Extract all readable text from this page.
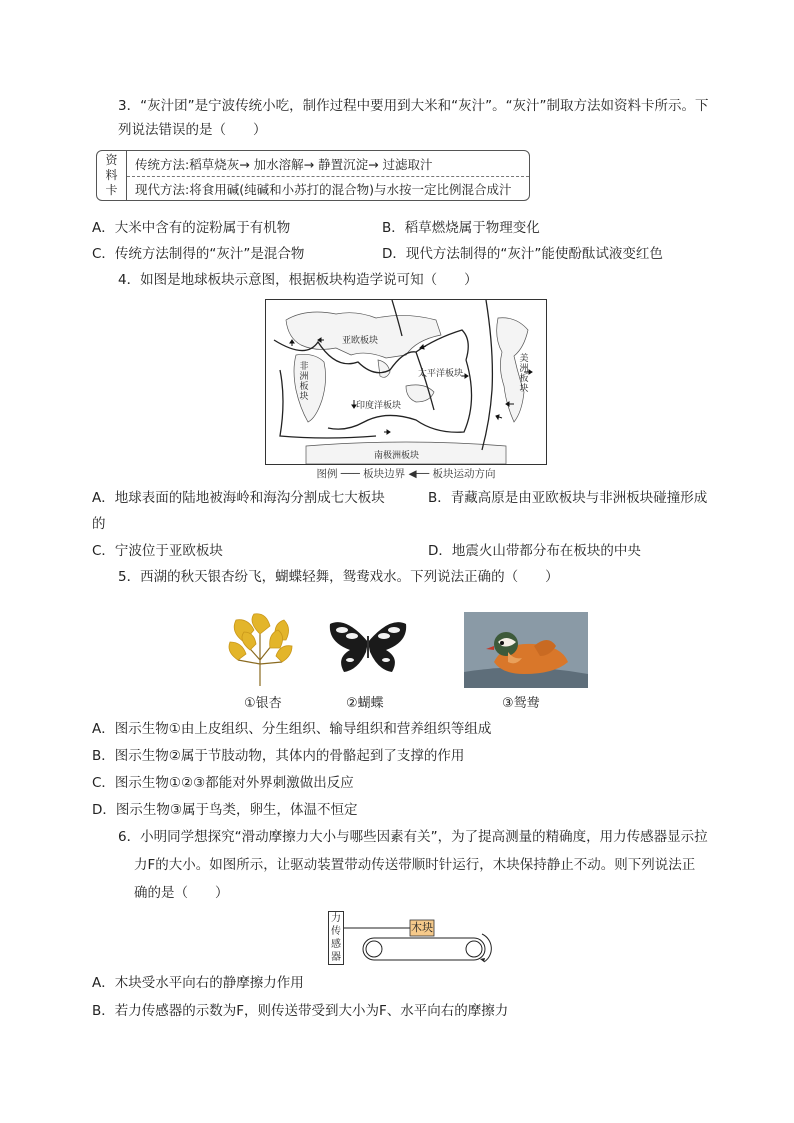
3．“灰汁团”是宁波传统小吃，制作过程中要用到大米和“灰汁”。“灰汁”制取方法如资料卡所示。下
列说法错误的是（　　）
资
料
卡
传统方法:稻草烧灰→ 加水溶解→ 静置沉淀→ 过滤取汁
现代方法:将食用碱(纯碱和小苏打的混合物)与水按一定比例混合成汁
A．大米中含有的淀粉属于有机物	B．稻草燃烧属于物理变化
C．传统方法制得的“灰汁”是混合物	D．现代方法制得的“灰汁”能使酚酞试液变红色
4．如图是地球板块示意图，根据板块构造学说可知（　　）
亚欧板块
非
洲
板
块
太平洋板块
美
洲
板
块
印度洋板块
南极洲板块
图例 ─── 板块边界 ◀── 板块运动方向
A．地球表面的陆地被海岭和海沟分割成七大板块	B．青藏高原是由亚欧板块与非洲板块碰撞形成
的
C．宁波位于亚欧板块	D．地震火山带都分布在板块的中央
5．西湖的秋天银杏纷飞，蝴蝶轻舞，鸳鸯戏水。下列说法正确的（　　）
①银杏	②蝴蝶	③鸳鸯
A．图示生物①由上皮组织、分生组织、输导组织和营养组织等组成
B．图示生物②属于节肢动物，其体内的骨骼起到了支撑的作用
C．图示生物①②③都能对外界刺激做出反应
D．图示生物③属于鸟类，卵生，体温不恒定
6．小明同学想探究“滑动摩擦力大小与哪些因素有关”，为了提高测量的精确度，用力传感器显示拉
力F的大小。如图所示，让驱动装置带动传送带顺时针运行，木块保持静止不动。则下列说法正
确的是（　　）
力
传
感
器
木块
A．木块受水平向右的静摩擦力作用
B．若力传感器的示数为F，则传送带受到大小为F、水平向右的摩擦力
